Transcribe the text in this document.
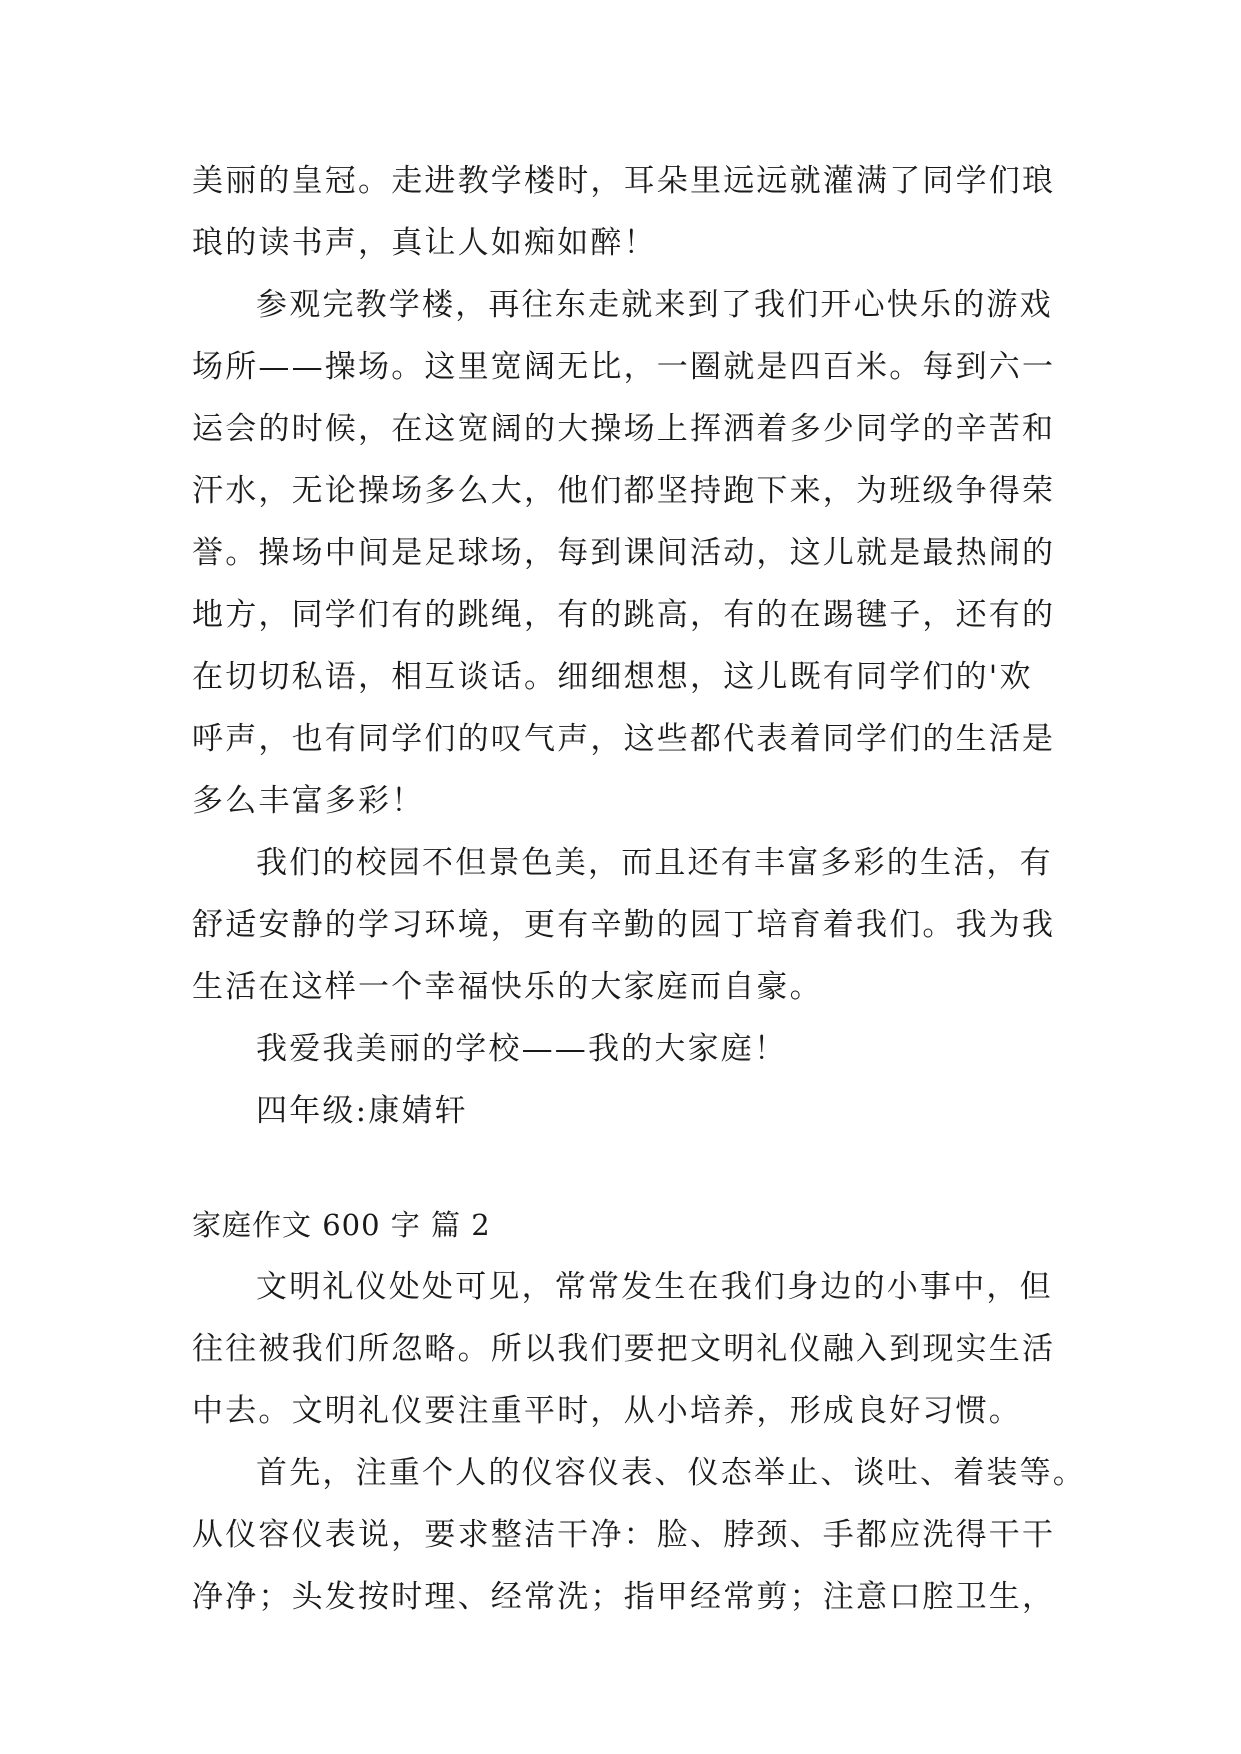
美丽的皇冠。走进教学楼时，耳朵里远远就灌满了同学们琅
琅的读书声，真让人如痴如醉！
参观完教学楼，再往东走就来到了我们开心快乐的游戏
场所——操场。这里宽阔无比，一圈就是四百米。每到六一
运会的时候，在这宽阔的大操场上挥洒着多少同学的辛苦和
汗水，无论操场多么大，他们都坚持跑下来，为班级争得荣
誉。操场中间是足球场，每到课间活动，这儿就是最热闹的
地方，同学们有的跳绳，有的跳高，有的在踢毽子，还有的
在切切私语，相互谈话。细细想想，这儿既有同学们的'欢
呼声，也有同学们的叹气声，这些都代表着同学们的生活是
多么丰富多彩！
我们的校园不但景色美，而且还有丰富多彩的生活，有
舒适安静的学习环境，更有辛勤的园丁培育着我们。我为我
生活在这样一个幸福快乐的大家庭而自豪。
我爱我美丽的学校——我的大家庭！
四年级:康婧轩
家庭作文 600 字 篇 2
文明礼仪处处可见，常常发生在我们身边的小事中，但
往往被我们所忽略。所以我们要把文明礼仪融入到现实生活
中去。文明礼仪要注重平时，从小培养，形成良好习惯。
首先，注重个人的仪容仪表、仪态举止、谈吐、着装等。
从仪容仪表说，要求整洁干净：脸、脖颈、手都应洗得干干
净净；头发按时理、经常洗；指甲经常剪；注意口腔卫生，
